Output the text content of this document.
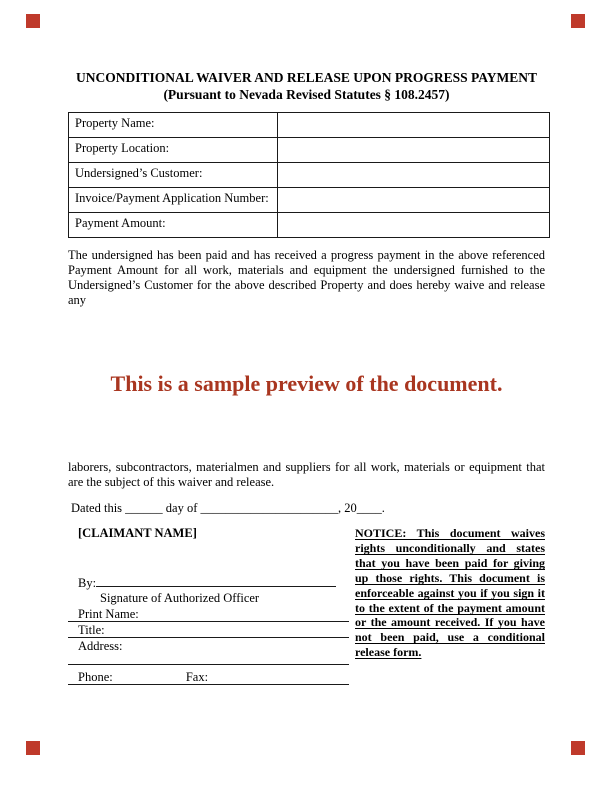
UNCONDITIONAL WAIVER AND RELEASE UPON PROGRESS PAYMENT
(Pursuant to Nevada Revised Statutes § 108.2457)
Property Name:	
Property Location:	
Undersigned’s Customer:	
Invoice/Payment Application Number:	
Payment Amount:	

The undersigned has been paid and has received a progress payment in the above referenced Payment Amount for all work, materials and equipment the undersigned furnished to the Undersigned’s Customer for the above described Property and does hereby waive and release any

This is a sample preview of the document.

laborers, subcontractors, materialmen and suppliers for all work, materials or equipment that are the subject of this waiver and release.

Dated this ______ day of ______________________, 20____.

[CLAIMANT NAME]
By:
Signature of Authorized Officer
Print Name:
Title:
Address:
Phone:	Fax:
NOTICE: This document waives rights unconditionally and states that you have been paid for giving up those rights. This document is enforceable against you if you sign it to the extent of the payment amount or the amount received. If you have not been paid, use a conditional release form.
